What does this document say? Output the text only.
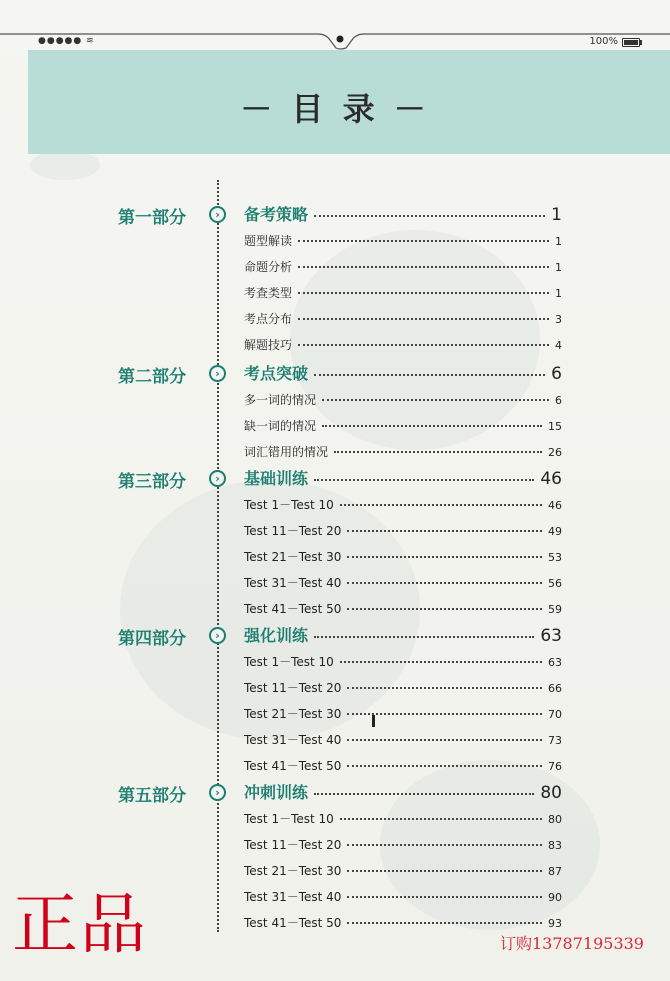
●●●●● ≋	100%
－ 目 录 －
第一部分	›	备考策略	1
题型解读	1
命题分析	1
考查类型	1
考点分布	3
解题技巧	4
第二部分	›	考点突破	6
多一词的情况	6
缺一词的情况	15
词汇错用的情况	26
第三部分	›	基础训练	46
Test 1－Test 10	46
Test 11－Test 20	49
Test 21－Test 30	53
Test 31－Test 40	56
Test 41－Test 50	59
第四部分	›	强化训练	63
Test 1－Test 10	63
Test 11－Test 20	66
Test 21－Test 30	70
Test 31－Test 40	73
Test 41－Test 50	76
第五部分	›	冲刺训练	80
Test 1－Test 10	80
Test 11－Test 20	83
Test 21－Test 30	87
Test 31－Test 40	90
Test 41－Test 50	93
正品	订购13787195339
